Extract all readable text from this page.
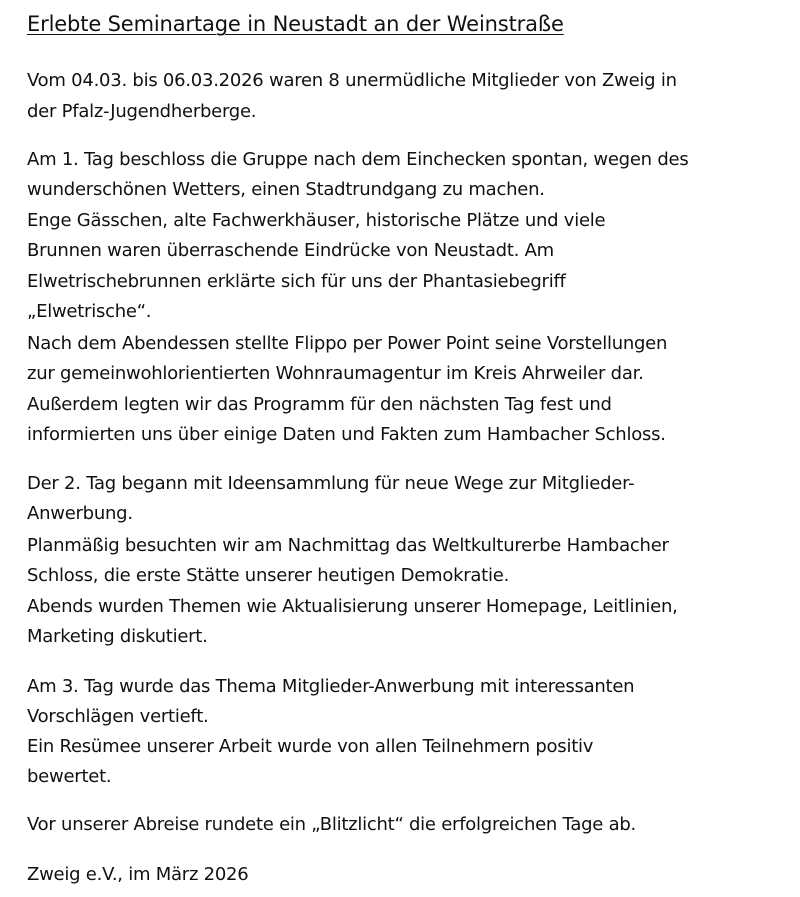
Erlebte Seminartage in Neustadt an der Weinstraße

Vom 04.03. bis 06.03.2026 waren 8 unermüdliche Mitglieder von Zweig in

der Pfalz-Jugendherberge.

Am 1. Tag beschloss die Gruppe nach dem Einchecken spontan, wegen des

wunderschönen Wetters, einen Stadtrundgang zu machen.

Enge Gässchen, alte Fachwerkhäuser, historische Plätze und viele

Brunnen waren überraschende Eindrücke von Neustadt. Am

Elwetrischebrunnen erklärte sich für uns der Phantasiebegriff

„Elwetrische“.

Nach dem Abendessen stellte Flippo per Power Point seine Vorstellungen

zur gemeinwohlorientierten Wohnraumagentur im Kreis Ahrweiler dar.

Außerdem legten wir das Programm für den nächsten Tag fest und

informierten uns über einige Daten und Fakten zum Hambacher Schloss.

Der 2. Tag begann mit Ideensammlung für neue Wege zur Mitglieder-

Anwerbung.

Planmäßig besuchten wir am Nachmittag das Weltkulturerbe Hambacher

Schloss, die erste Stätte unserer heutigen Demokratie.

Abends wurden Themen wie Aktualisierung unserer Homepage, Leitlinien,

Marketing diskutiert.

Am 3. Tag wurde das Thema Mitglieder-Anwerbung mit interessanten

Vorschlägen vertieft.

Ein Resümee unserer Arbeit wurde von allen Teilnehmern positiv

bewertet.

Vor unserer Abreise rundete ein „Blitzlicht“ die erfolgreichen Tage ab.

Zweig e.V., im März 2026
